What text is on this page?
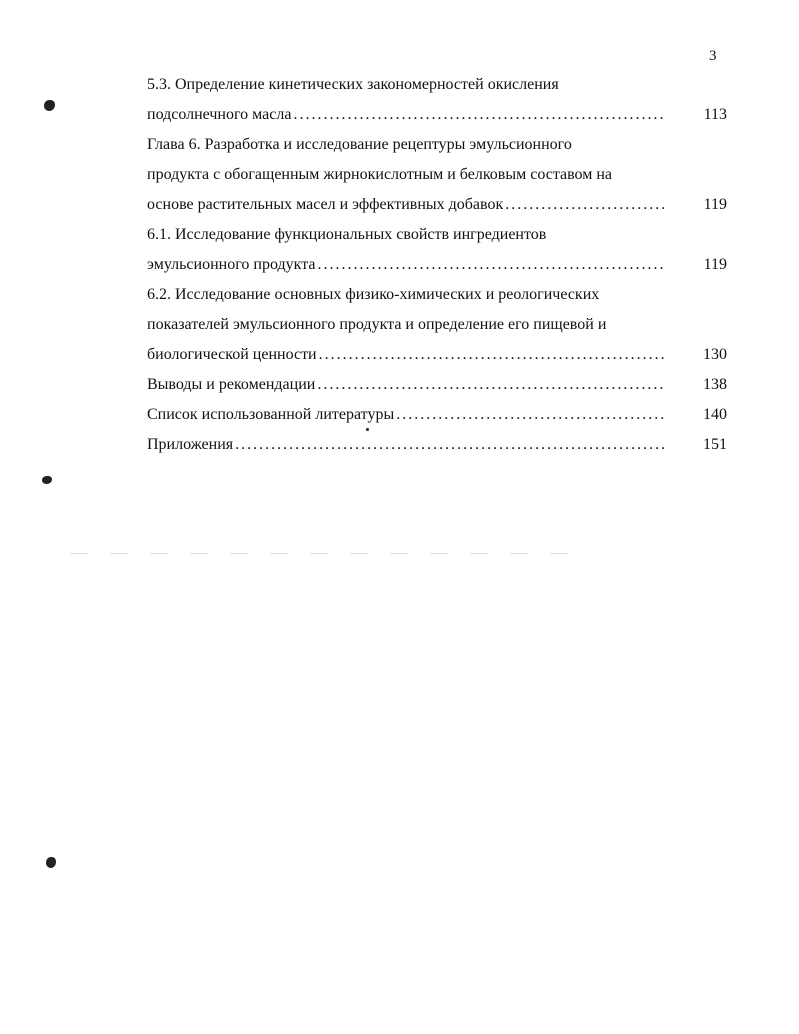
3
5.3. Определение кинетических закономерностей окисления
подсолнечного масла .....	113
Глава 6. Разработка и исследование рецептуры эмульсионного
продукта с обогащенным жирнокислотным и белковым составом на
основе растительных масел и эффективных добавок .....	119
6.1. Исследование функциональных свойств ингредиентов
эмульсионного продукта .....	119
6.2. Исследование основных физико-химических и реологических
показателей эмульсионного продукта и определение его пищевой и
биологической ценности .....	130
Выводы и рекомендации .....	138
Список использованной литературы .....	140
Приложения .....	151
